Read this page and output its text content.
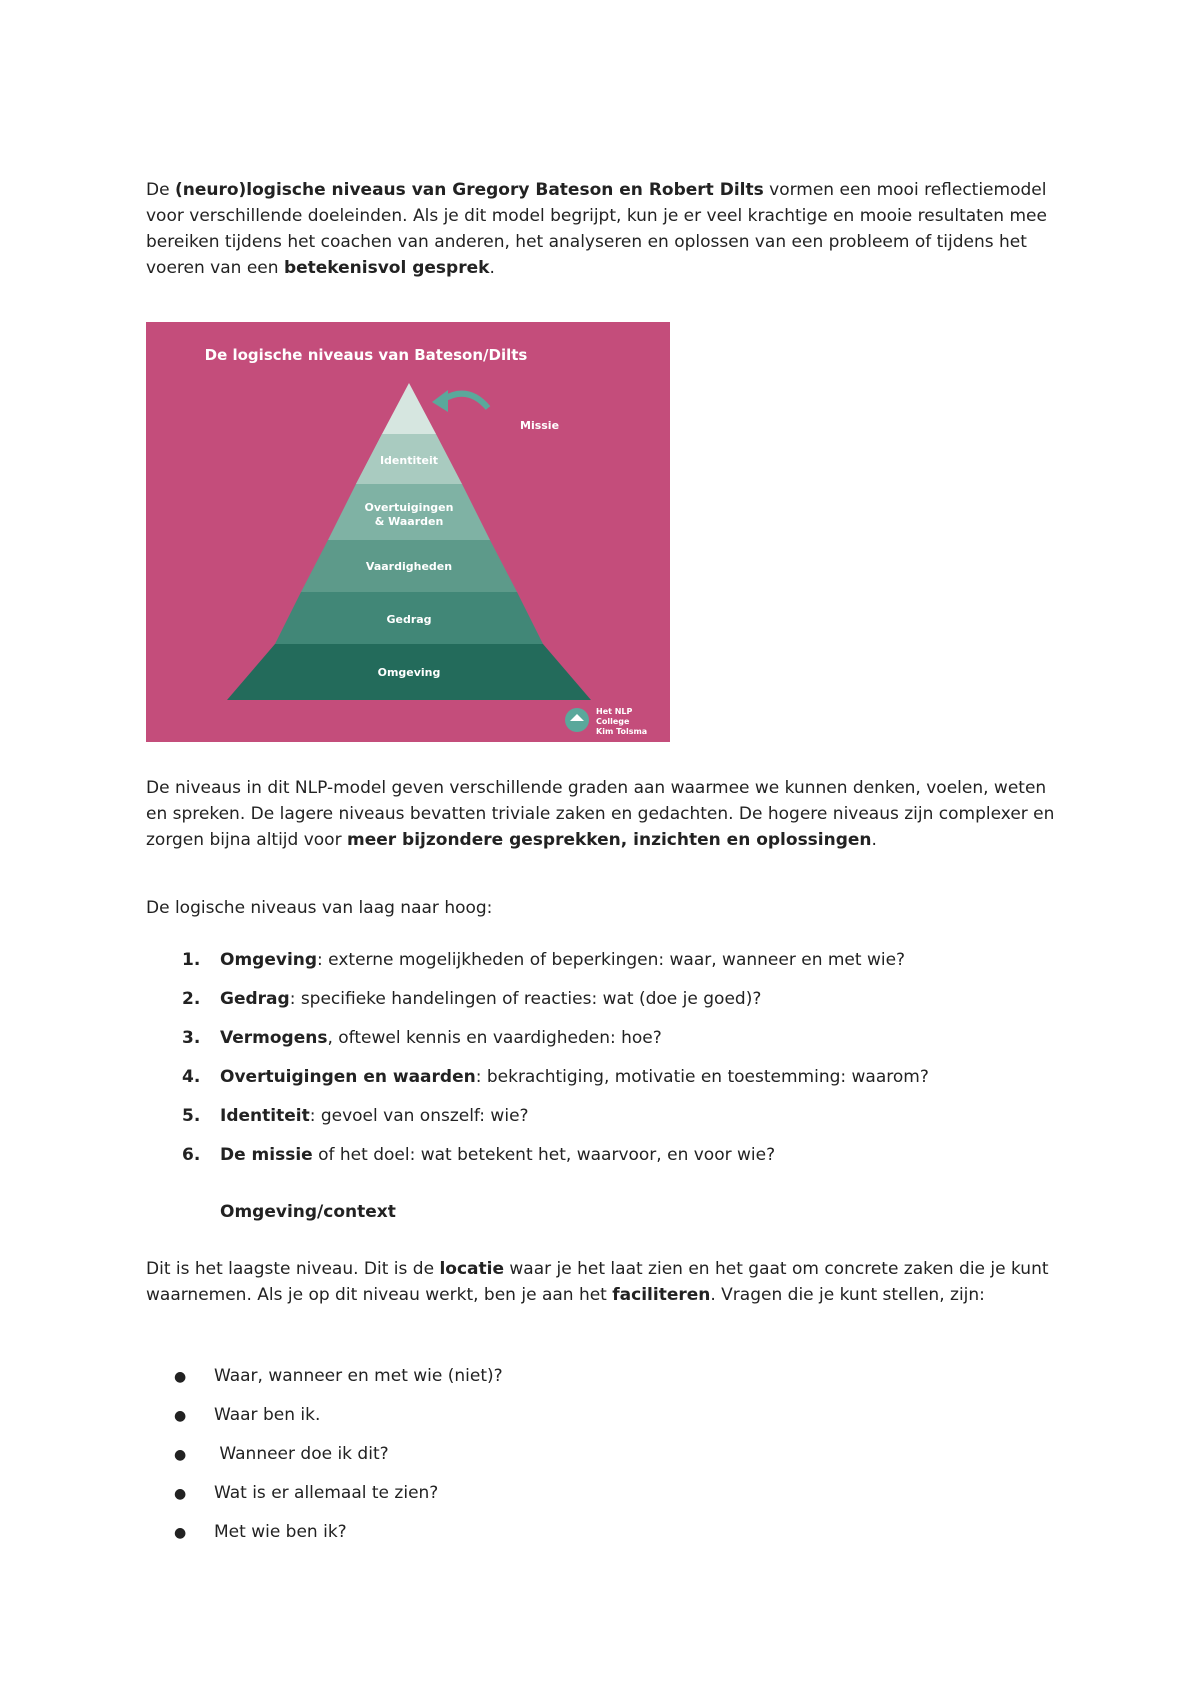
De (neuro)logische niveaus van Gregory Bateson en Robert Dilts vormen een mooi reflectiemodel voor verschillende doeleinden. Als je dit model begrijpt, kun je er veel krachtige en mooie resultaten mee bereiken tijdens het coachen van anderen, het analyseren en oplossen van een probleem of tijdens het voeren van een betekenisvol gesprek.
De logische niveaus van Bateson/Dilts
Missie
Identiteit
Overtuigingen
& Waarden
Vaardigheden
Gedrag
Omgeving
Het NLP
College
Kim Tolsma
De niveaus in dit NLP-model geven verschillende graden aan waarmee we kunnen denken, voelen, weten en spreken. De lagere niveaus bevatten triviale zaken en gedachten. De hogere niveaus zijn complexer en zorgen bijna altijd voor meer bijzondere gesprekken, inzichten en oplossingen.
De logische niveaus van laag naar hoog:
1. Omgeving: externe mogelijkheden of beperkingen: waar, wanneer en met wie?
2. Gedrag: specifieke handelingen of reacties: wat (doe je goed)?
3. Vermogens, oftewel kennis en vaardigheden: hoe?
4. Overtuigingen en waarden: bekrachtiging, motivatie en toestemming: waarom?
5. Identiteit: gevoel van onszelf: wie?
6. De missie of het doel: wat betekent het, waarvoor, en voor wie?
Omgeving/context
Dit is het laagste niveau. Dit is de locatie waar je het laat zien en het gaat om concrete zaken die je kunt waarnemen. Als je op dit niveau werkt, ben je aan het faciliteren. Vragen die je kunt stellen, zijn:
● Waar, wanneer en met wie (niet)?
● Waar ben ik.
● Wanneer doe ik dit?
● Wat is er allemaal te zien?
● Met wie ben ik?
